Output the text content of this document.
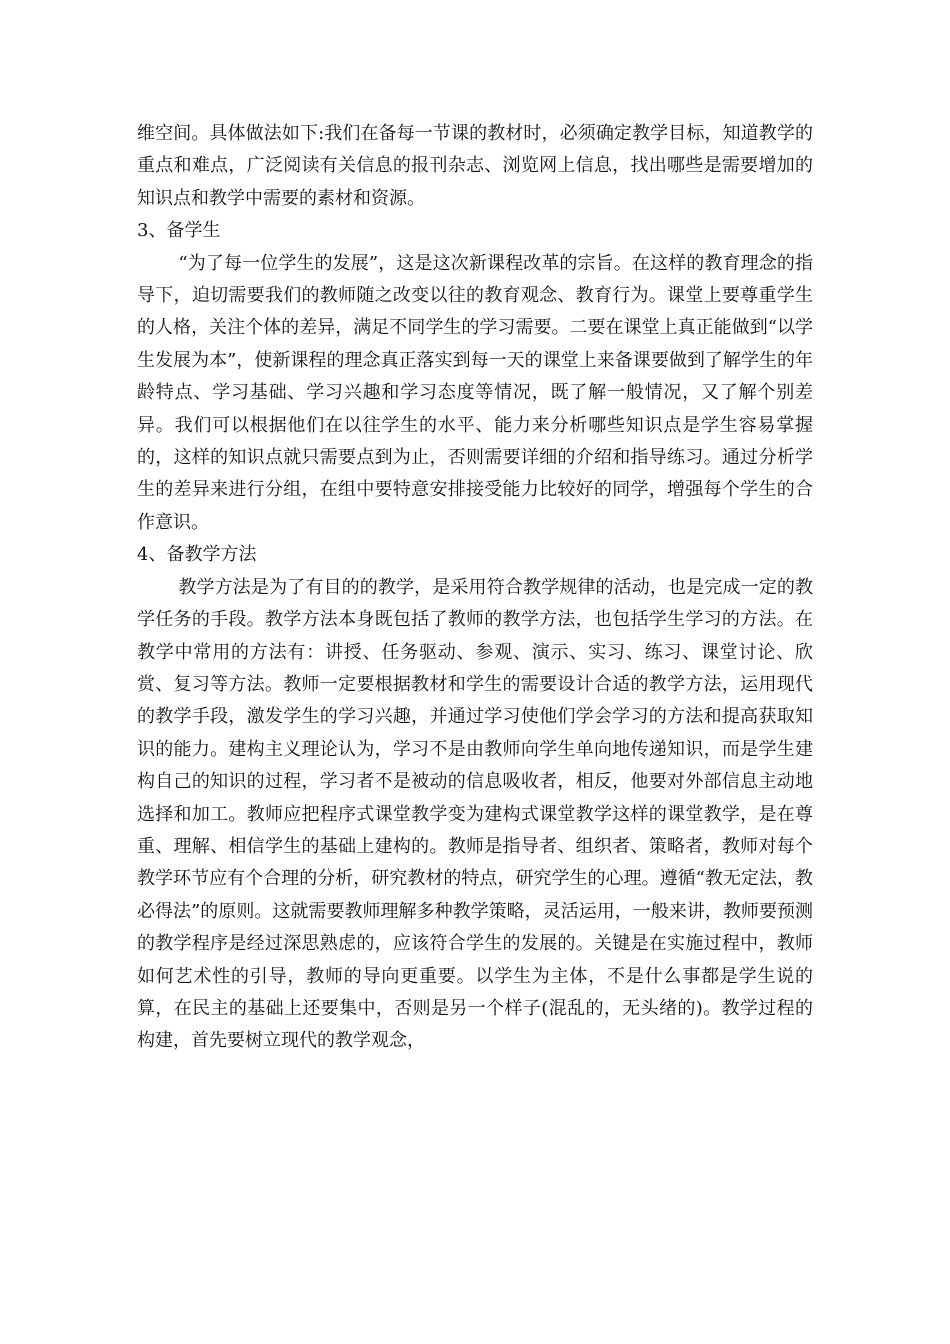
维空间。具体做法如下:我们在备每一节课的教材时，必须确定教学目标，知道教学的重点和难点，广泛阅读有关信息的报刊杂志、浏览网上信息，找出哪些是需要增加的知识点和教学中需要的素材和资源。

3、备学生

“为了每一位学生的发展”，这是这次新课程改革的宗旨。在这样的教育理念的指导下，迫切需要我们的教师随之改变以往的教育观念、教育行为。课堂上要尊重学生的人格，关注个体的差异，满足不同学生的学习需要。二要在课堂上真正能做到“以学生发展为本”，使新课程的理念真正落实到每一天的课堂上来备课要做到了解学生的年龄特点、学习基础、学习兴趣和学习态度等情况，既了解一般情况，又了解个别差异。我们可以根据他们在以往学生的水平、能力来分析哪些知识点是学生容易掌握的，这样的知识点就只需要点到为止，否则需要详细的介绍和指导练习。通过分析学生的差异来进行分组，在组中要特意安排接受能力比较好的同学，增强每个学生的合作意识。

4、备教学方法

教学方法是为了有目的的教学，是采用符合教学规律的活动，也是完成一定的教学任务的手段。教学方法本身既包括了教师的教学方法，也包括学生学习的方法。在教学中常用的方法有：讲授、任务驱动、参观、演示、实习、练习、课堂讨论、欣赏、复习等方法。教师一定要根据教材和学生的需要设计合适的教学方法，运用现代的教学手段，激发学生的学习兴趣，并通过学习使他们学会学习的方法和提高获取知识的能力。建构主义理论认为，学习不是由教师向学生单向地传递知识，而是学生建构自己的知识的过程，学习者不是被动的信息吸收者，相反，他要对外部信息主动地选择和加工。教师应把程序式课堂教学变为建构式课堂教学这样的课堂教学，是在尊重、理解、相信学生的基础上建构的。教师是指导者、组织者、策略者，教师对每个教学环节应有个合理的分析，研究教材的特点，研究学生的心理。遵循“教无定法，教必得法”的原则。这就需要教师理解多种教学策略，灵活运用，一般来讲，教师要预测的教学程序是经过深思熟虑的，应该符合学生的发展的。关键是在实施过程中，教师如何艺术性的引导，教师的导向更重要。以学生为主体，不是什么事都是学生说的算，在民主的基础上还要集中，否则是另一个样子(混乱的，无头绪的)。教学过程的构建，首先要树立现代的教学观念，
